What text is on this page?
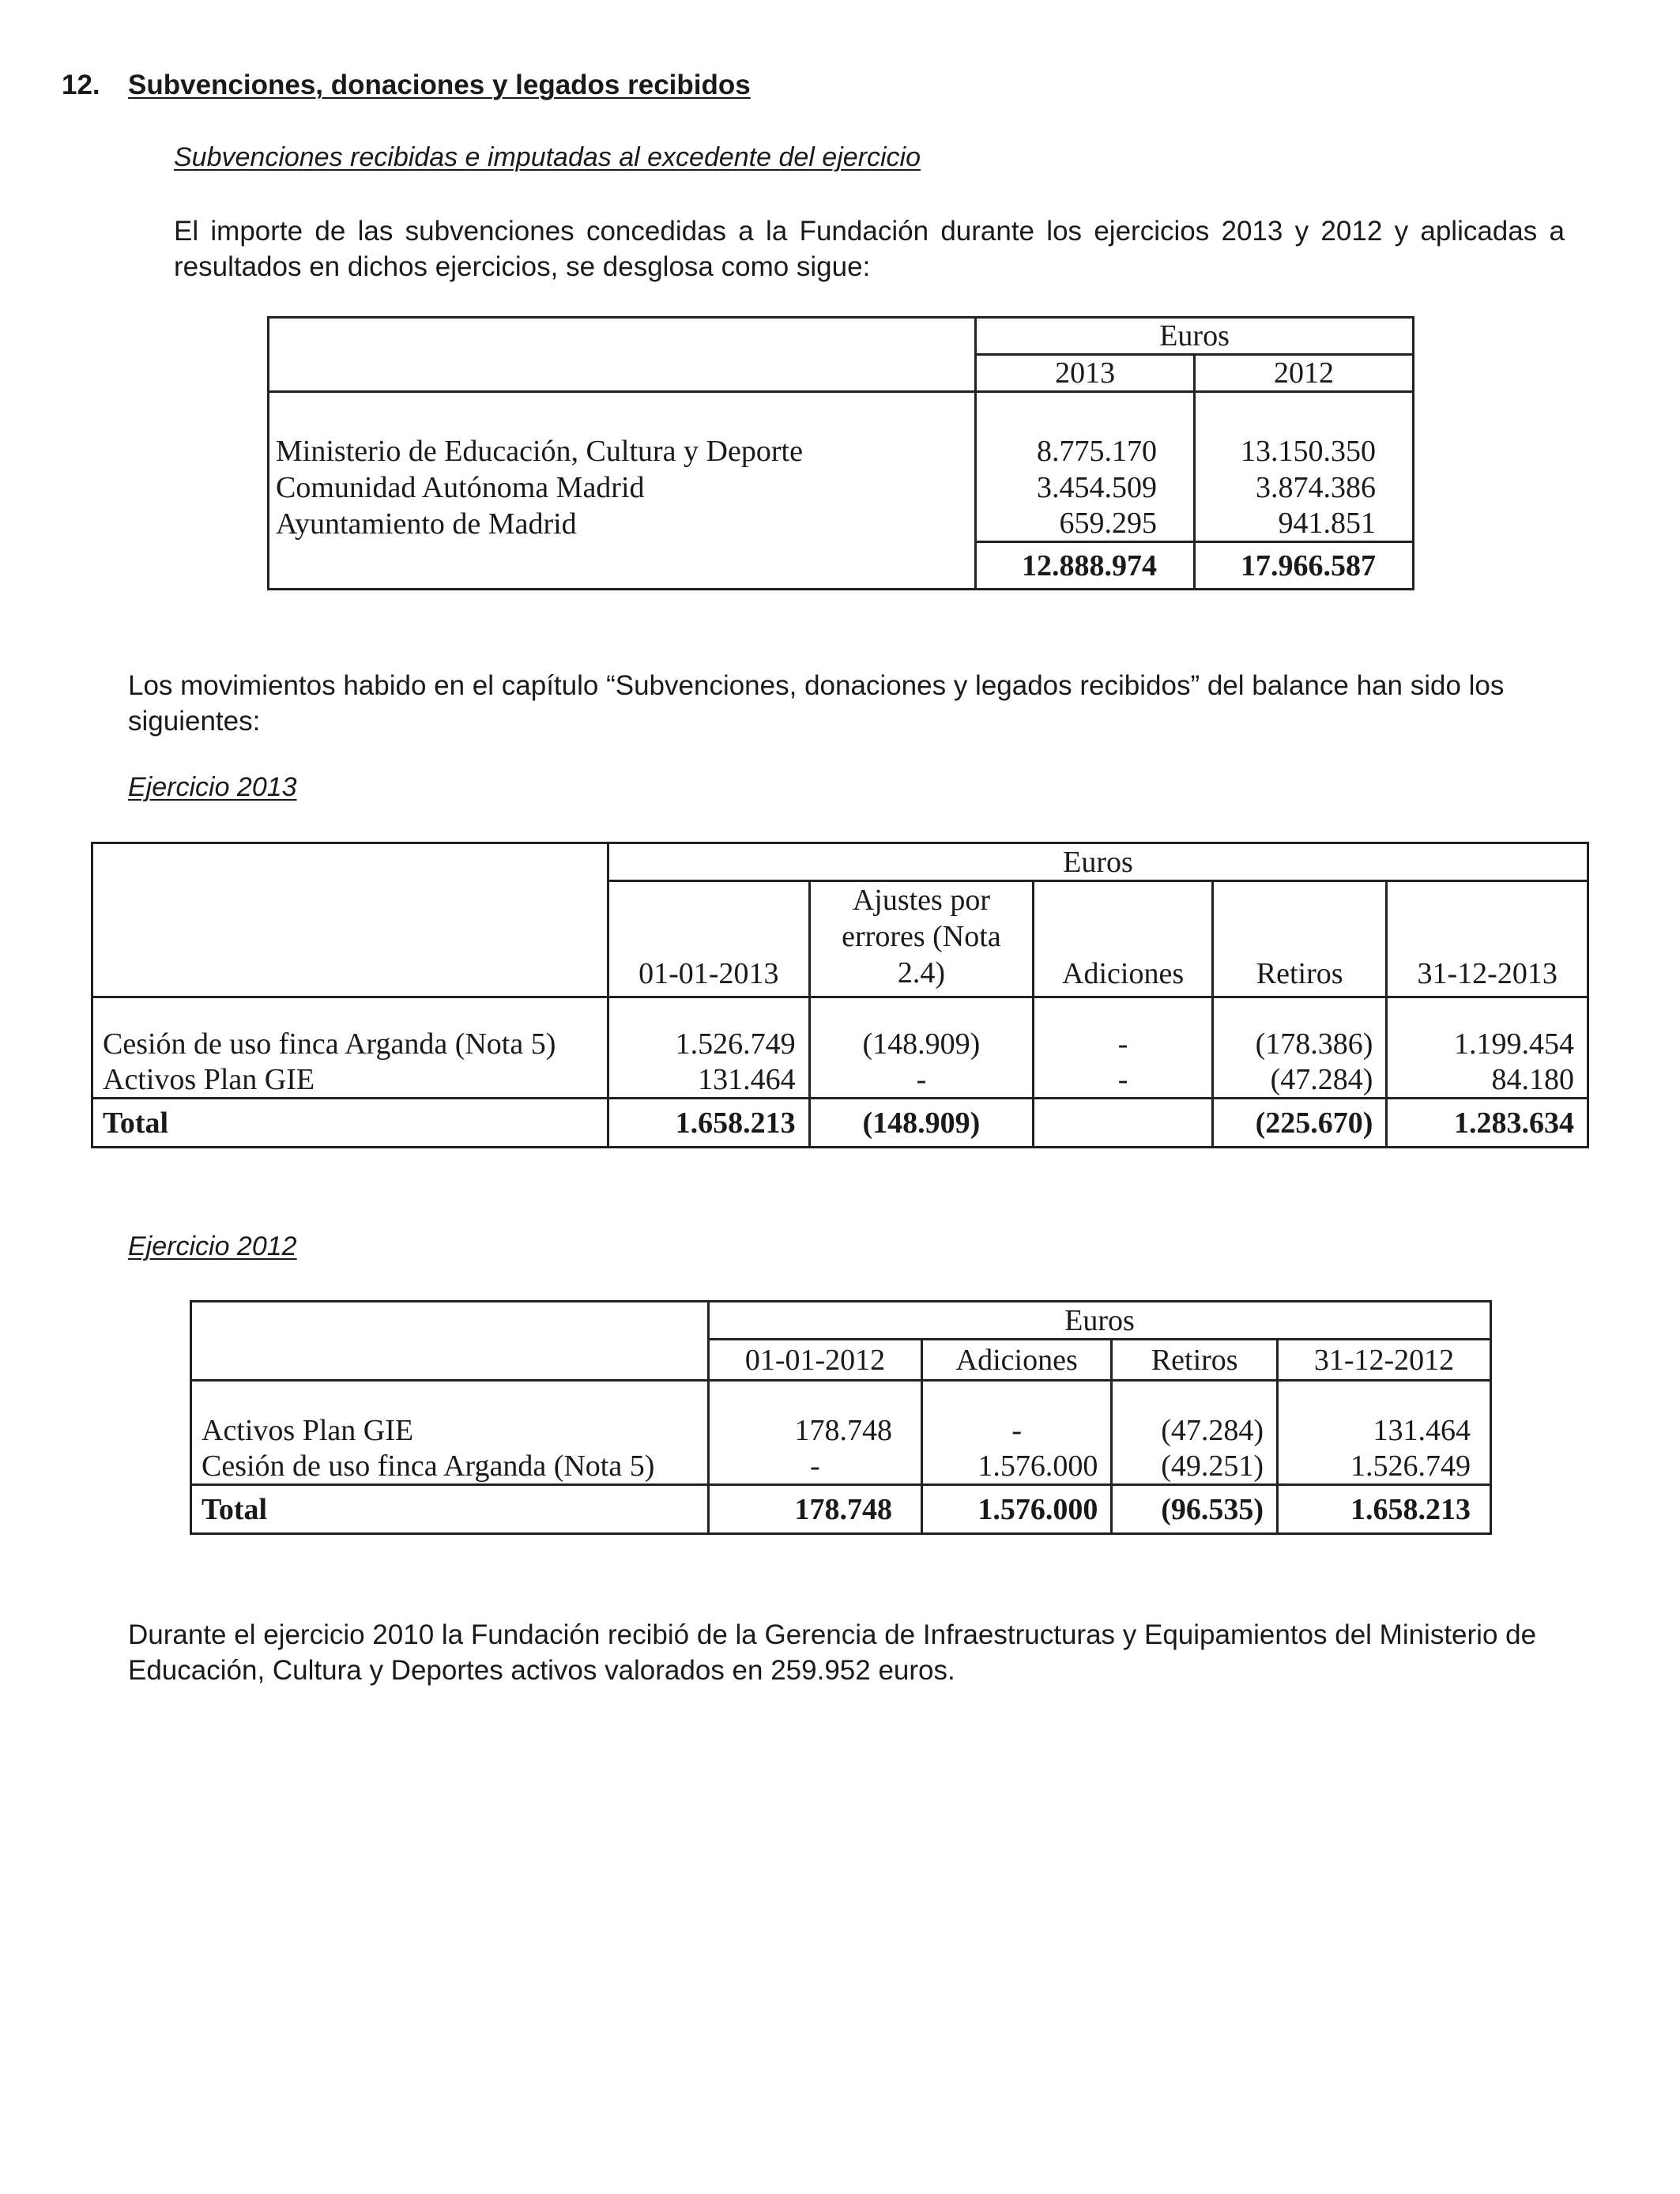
12. Subvenciones, donaciones y legados recibidos
Subvenciones recibidas e imputadas al excedente del ejercicio
El importe de las subvenciones concedidas a la Fundación durante los ejercicios 2013 y 2012 y aplicadas a resultados en dichos ejercicios, se desglosa como sigue:
	Euros	
	2013	2012

Ministerio de Educación, Cultura y Deporte	8.775.170	13.150.350
Comunidad Autónoma Madrid	3.454.509	3.874.386
Ayuntamiento de Madrid	659.295	941.851
	12.888.974	17.966.587
Los movimientos habido en el capítulo “Subvenciones, donaciones y legados recibidos” del balance han sido los siguientes:
Ejercicio 2013
	Euros				
	01-01-2013	Ajustes por
errores (Nota
2.4)	Adiciones	Retiros	31-12-2013

Cesión de uso finca Arganda (Nota 5)	1.526.749	(148.909)	-	(178.386)	1.199.454
Activos Plan GIE	131.464	-	-	(47.284)	84.180
Total	1.658.213	(148.909)		(225.670)	1.283.634
Ejercicio 2012
	Euros			
	01-01-2012	Adiciones	Retiros	31-12-2012

Activos Plan GIE	178.748	-	(47.284)	131.464
Cesión de uso finca Arganda (Nota 5)	-	1.576.000	(49.251)	1.526.749
Total	178.748	1.576.000	(96.535)	1.658.213
Durante el ejercicio 2010 la Fundación recibió de la Gerencia de Infraestructuras y Equipamientos del Ministerio de Educación, Cultura y Deportes activos valorados en 259.952 euros.
